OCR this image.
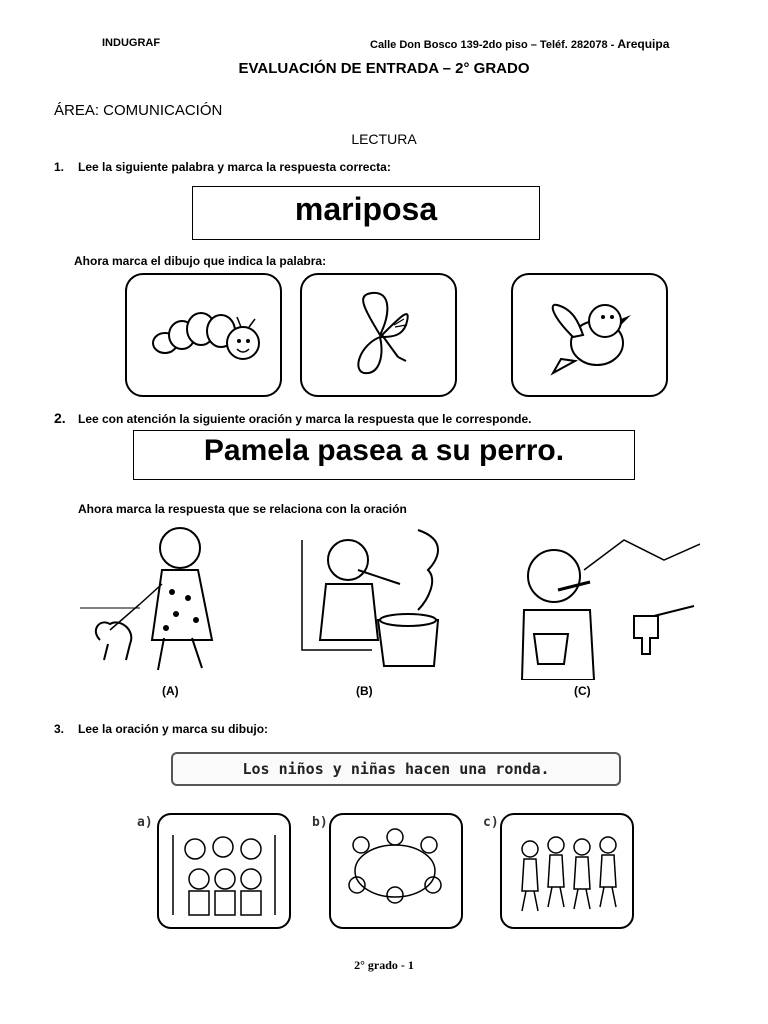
INDUGRAF	Calle Don Bosco 139-2do piso – Teléf. 282078 - Arequipa
EVALUACIÓN DE ENTRADA – 2° GRADO
ÁREA: COMUNICACIÓN
LECTURA
1. Lee la siguiente palabra y marca la respuesta correcta:
mariposa
Ahora marca el dibujo que indica la palabra:
2. Lee con atención la siguiente oración y marca la respuesta que le corresponde.
Pamela pasea a su perro.
Ahora marca la respuesta que se relaciona con la oración
(A)	(B)	(C)
3. Lee la oración y marca su dibujo:
Los niños y niñas hacen una ronda.
a)	b)	c)
2° grado - 1
